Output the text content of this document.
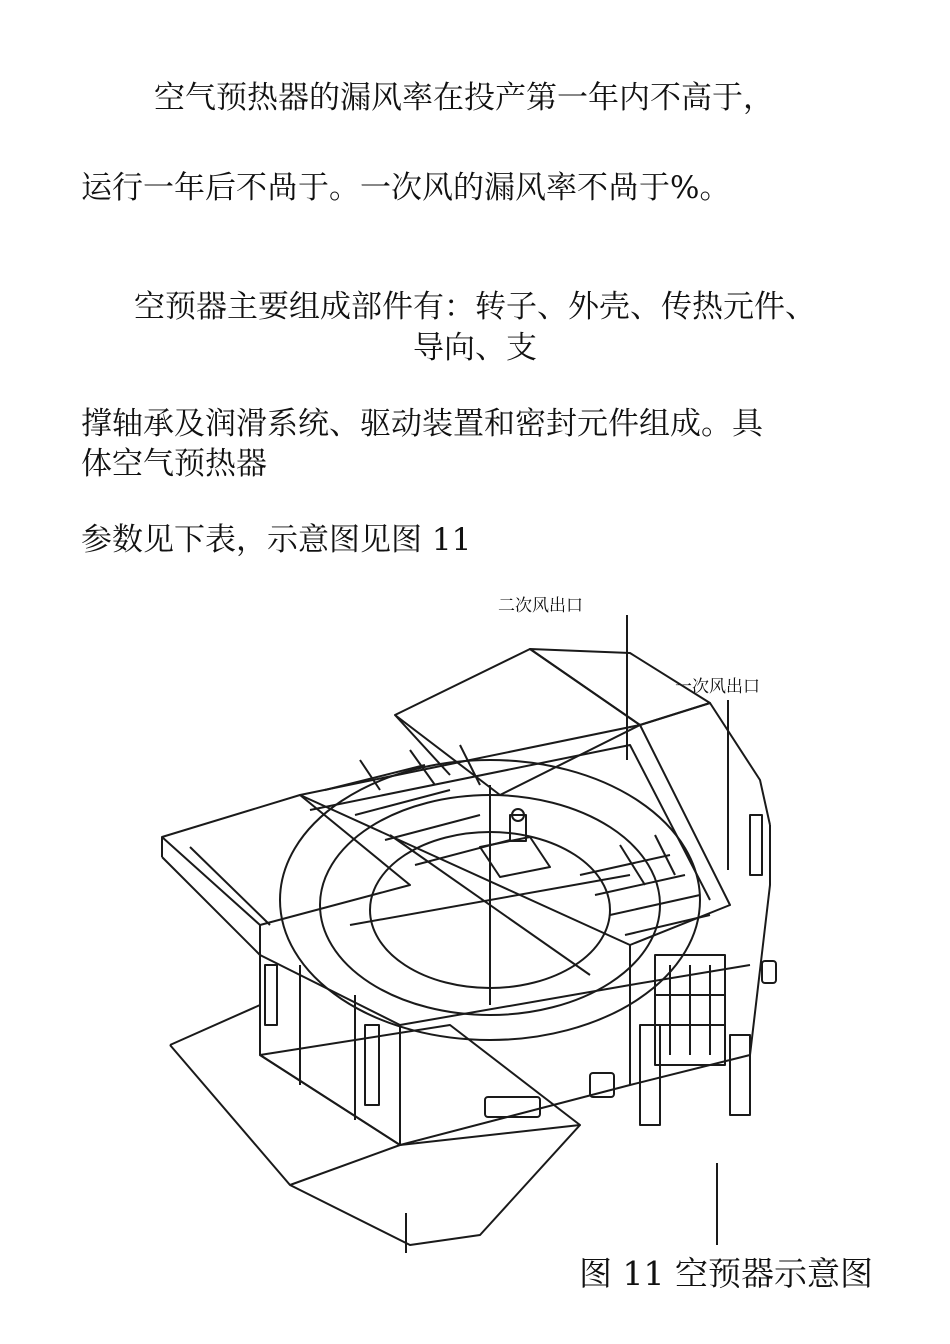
空气预热器的漏风率在投产第一年内不高于，
运行一年后不咼于。一次风的漏风率不咼于%。
空预器主要组成部件有：转子、外壳、传热元件、
导向、支
撑轴承及润滑系统、驱动装置和密封元件组成。具
体空气预热器
参数见下表，示意图见图 11
二次风出口
一次风出口
图 11 空预器示意图
